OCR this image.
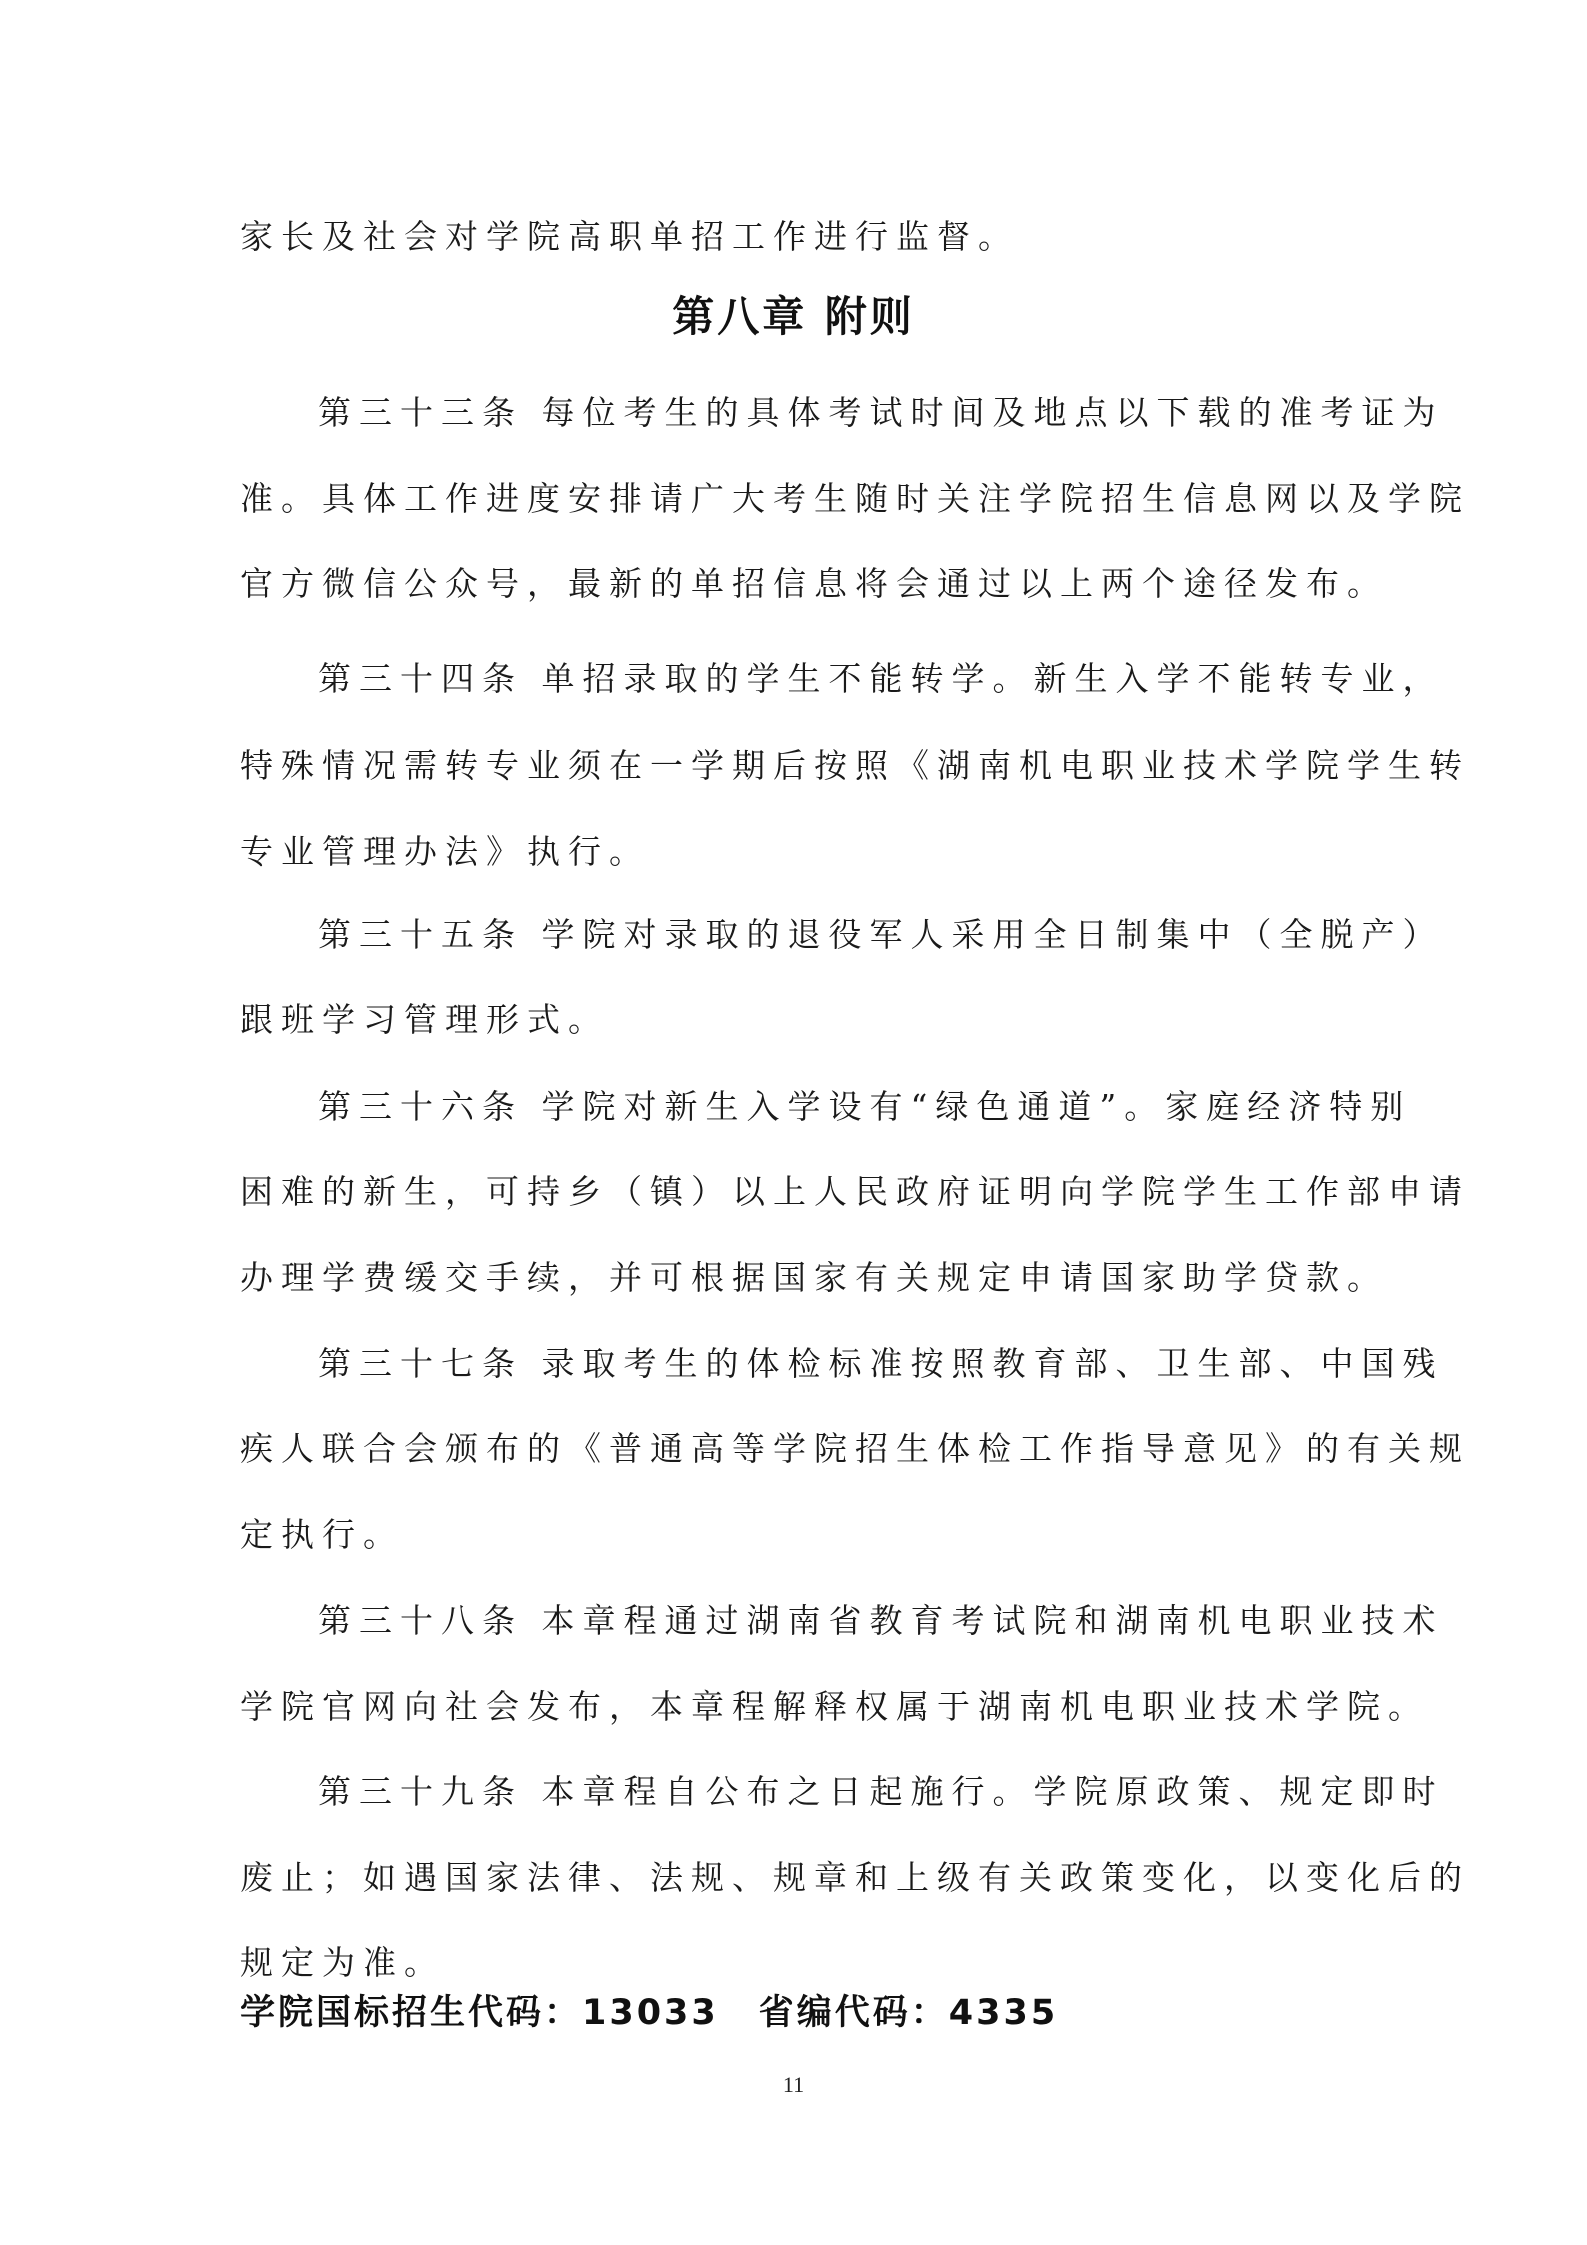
家长及社会对学院高职单招工作进行监督。
第八章 附则
第三十三条 每位考生的具体考试时间及地点以下载的准考证为
准。具体工作进度安排请广大考生随时关注学院招生信息网以及学院
官方微信公众号，最新的单招信息将会通过以上两个途径发布。
第三十四条 单招录取的学生不能转学。新生入学不能转专业，
特殊情况需转专业须在一学期后按照《湖南机电职业技术学院学生转
专业管理办法》执行。
第三十五条 学院对录取的退役军人采用全日制集中（全脱产）
跟班学习管理形式。
第三十六条 学院对新生入学设有“绿色通道”。家庭经济特别
困难的新生，可持乡（镇）以上人民政府证明向学院学生工作部申请
办理学费缓交手续，并可根据国家有关规定申请国家助学贷款。
第三十七条 录取考生的体检标准按照教育部、卫生部、中国残
疾人联合会颁布的《普通高等学院招生体检工作指导意见》的有关规
定执行。
第三十八条 本章程通过湖南省教育考试院和湖南机电职业技术
学院官网向社会发布，本章程解释权属于湖南机电职业技术学院。
第三十九条 本章程自公布之日起施行。学院原政策、规定即时
废止；如遇国家法律、法规、规章和上级有关政策变化，以变化后的
规定为准。
学院国标招生代码：13033 省编代码：4335
11
